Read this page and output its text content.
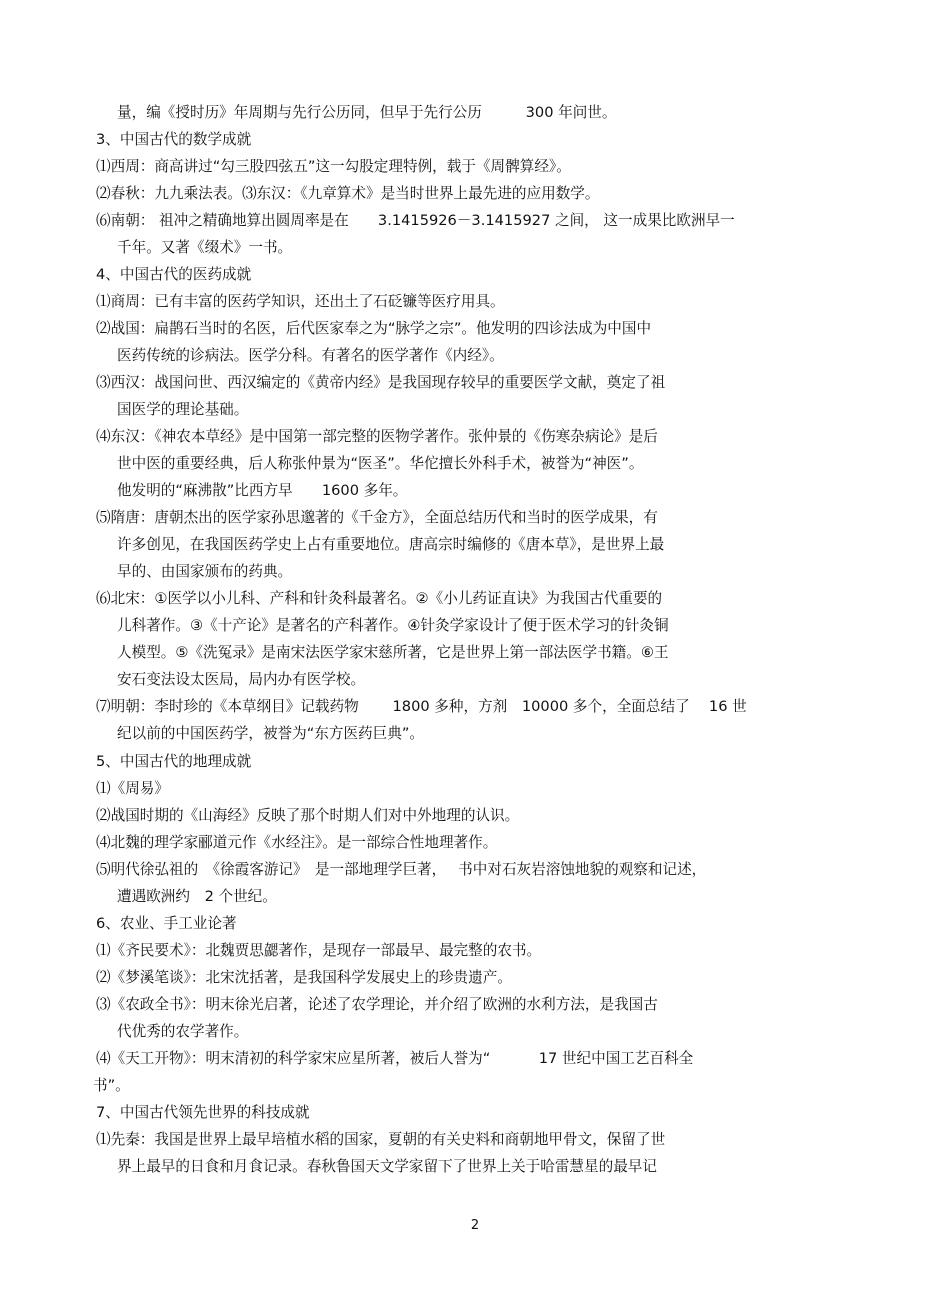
量，编《授时历》年周期与先行公历同，但早于先行公历　　　300 年问世。
3、中国古代的数学成就
⑴西周：商高讲过“勾三股四弦五”这一勾股定理特例，载于《周髀算经》。
⑵春秋：九九乘法表。⑶东汉：《九章算术》是当时世界上最先进的应用数学。
⑹南朝： 祖冲之精确地算出圆周率是在　　3.1415926－3.1415927 之间， 这一成果比欧洲早一
千年。又著《缀术》一书。
4、中国古代的医药成就
⑴商周：已有丰富的医药学知识，还出土了石砭镰等医疗用具。
⑵战国：扁鹊石当时的名医，后代医家奉之为“脉学之宗”。他发明的四诊法成为中国中
医药传统的诊病法。医学分科。有著名的医学著作《内经》。
⑶西汉：战国问世、西汉编定的《黄帝内经》是我国现存较早的重要医学文献，奠定了祖
国医学的理论基础。
⑷东汉：《神农本草经》是中国第一部完整的医物学著作。张仲景的《伤寒杂病论》是后
世中医的重要经典，后人称张仲景为“医圣”。华佗擅长外科手术，被誉为“神医”。
他发明的“麻沸散”比西方早　　1600 多年。
⑸隋唐：唐朝杰出的医学家孙思邈著的《千金方》，全面总结历代和当时的医学成果，有
许多创见，在我国医药学史上占有重要地位。唐高宗时编修的《唐本草》，是世界上最
早的、由国家颁布的药典。
⑹北宋：①医学以小儿科、产科和针灸科最著名。②《小儿药证直诀》为我国古代重要的
儿科著作。③《十产论》是著名的产科著作。④针灸学家设计了便于医术学习的针灸铜
人模型。⑤《洗冤录》是南宋法医学家宋慈所著，它是世界上第一部法医学书籍。⑥王
安石变法设太医局，局内办有医学校。
⑺明朝：李时珍的《本草纲目》记载药物　　 1800 多种，方剂　10000 多个，全面总结了　 16 世
纪以前的中国医药学，被誉为“东方医药巨典”。
5、中国古代的地理成就
⑴《周易》
⑵战国时期的《山海经》反映了那个时期人们对中外地理的认识。
⑷北魏的理学家郦道元作《水经注》。是一部综合性地理著作。
⑸明代徐弘祖的　《徐霞客游记》　是一部地理学巨著，　 书中对石灰岩溶蚀地貌的观察和记述，
遭遇欧洲约　2 个世纪。
6、农业、手工业论著
⑴《齐民要术》：北魏贾思勰著作，是现存一部最早、最完整的农书。
⑵《梦溪笔谈》：北宋沈括著，是我国科学发展史上的珍贵遗产。
⑶《农政全书》：明末徐光启著，论述了农学理论，并介绍了欧洲的水利方法，是我国古
代优秀的农学著作。
⑷《天工开物》：明末清初的科学家宋应星所著，被后人誉为“　　　 17 世纪中国工艺百科全
书”。
7、中国古代领先世界的科技成就
⑴先秦：我国是世界上最早培植水稻的国家，夏朝的有关史料和商朝地甲骨文，保留了世
界上最早的日食和月食记录。春秋鲁国天文学家留下了世界上关于哈雷慧星的最早记
2
